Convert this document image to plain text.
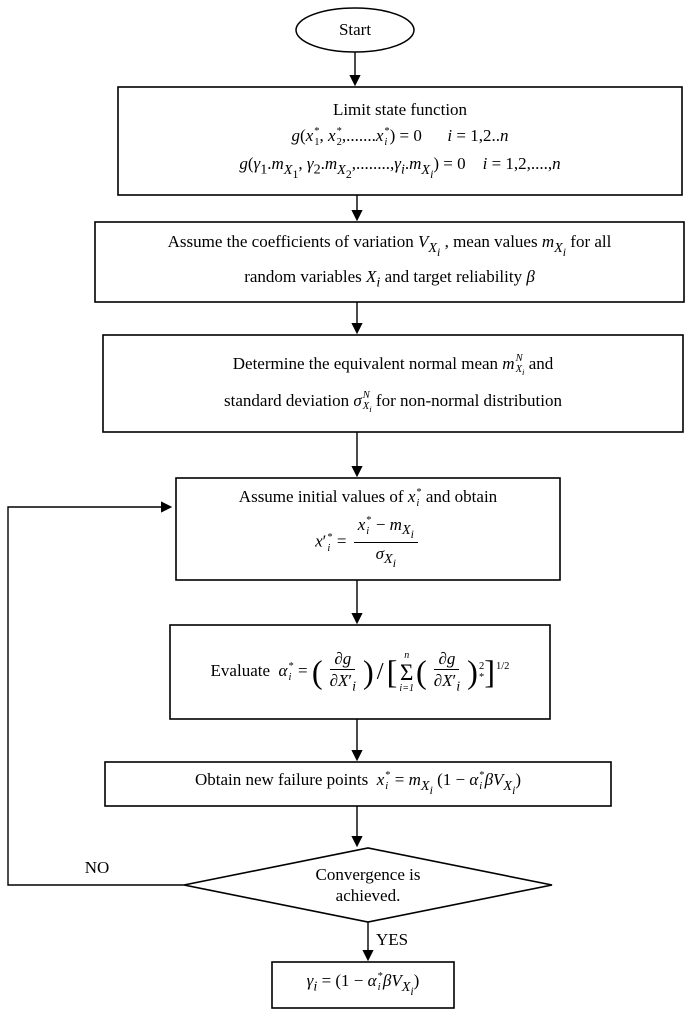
Start
Limit state function
g(x *
1 , x *
2 ,.......x *
i ) = 0      i = 1,2..n
$g(\gamma_1.m_{X_1}$, $\gamma_2.m_{X_2},........,\gamma_i.m_{X_i}) = 0$    i = 1,2,....,n
Assume the coefficients of variation $V_{X_i}$ , mean values $m_{X_i}$ for all
random variables $X_i$ and target reliability β
Determine the equivalent normal mean m N
$X_i$ and
standard deviation σ N
$X_i$ for non-normal distribution
Assume initial values of x *
i and obtain
x′ *
i = x *
$i - m_{X_i}$
$\sigma_{X_i}$
Evaluate  α *
i = ( $\frac{\partial g}{\partial X'_i}$ ) /[ n
Σ
i=1 ( $\frac{\partial g}{\partial X'_i}$ ) 2
* ]$^{1/2}$
Obtain new failure points  x *
$i = m_{X_i}$ (1 − α *
i $\beta V_{X_i}$)
Convergence is
achieved.
NO
YES
$\gamma_i = (1 - \alpha$ *
i $\beta V_{X_i}$)
